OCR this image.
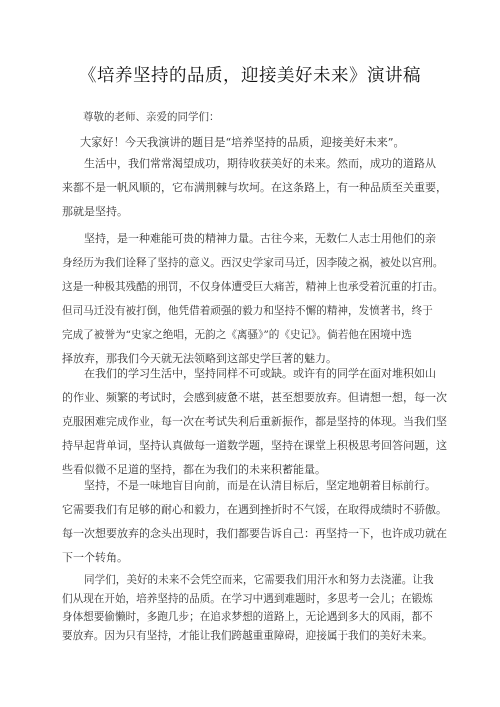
《培养坚持的品质，迎接美好未来》演讲稿
尊敬的老师、亲爱的同学们：
大家好！今天我演讲的题目是“培养坚持的品质，迎接美好未来”。
生活中，我们常常渴望成功，期待收获美好的未来。然而，成功的道路从
来都不是一帆风顺的，它布满荆棘与坎坷。在这条路上，有一种品质至关重要，
那就是坚持。
坚持，是一种难能可贵的精神力量。古往今来，无数仁人志士用他们的亲
身经历为我们诠释了坚持的意义。西汉史学家司马迁，因李陵之祸，被处以宫刑。
这是一种极其残酷的刑罚，不仅身体遭受巨大痛苦，精神上也承受着沉重的打击。
但司马迁没有被打倒，他凭借着顽强的毅力和坚持不懈的精神，发愤著书，终于
完成了被誉为“史家之绝唱，无韵之《离骚》”的《史记》。倘若他在困境中选
择放弃，那我们今天就无法领略到这部史学巨著的魅力。
在我们的学习生活中，坚持同样不可或缺。或许有的同学在面对堆积如山
的作业、频繁的考试时，会感到疲惫不堪，甚至想要放弃。但请想一想，每一次
克服困难完成作业，每一次在考试失利后重新振作，都是坚持的体现。当我们坚
持早起背单词，坚持认真做每一道数学题，坚持在课堂上积极思考回答问题，这
些看似微不足道的坚持，都在为我们的未来积蓄能量。
坚持，不是一味地盲目向前，而是在认清目标后，坚定地朝着目标前行。
它需要我们有足够的耐心和毅力，在遇到挫折时不气馁，在取得成绩时不骄傲。
每一次想要放弃的念头出现时，我们都要告诉自己：再坚持一下，也许成功就在
下一个转角。
同学们，美好的未来不会凭空而来，它需要我们用汗水和努力去浇灌。让我
们从现在开始，培养坚持的品质。在学习中遇到难题时，多思考一会儿；在锻炼
身体想要偷懒时，多跑几步；在追求梦想的道路上，无论遇到多大的风雨，都不
要放弃。因为只有坚持，才能让我们跨越重重障碍，迎接属于我们的美好未来。
